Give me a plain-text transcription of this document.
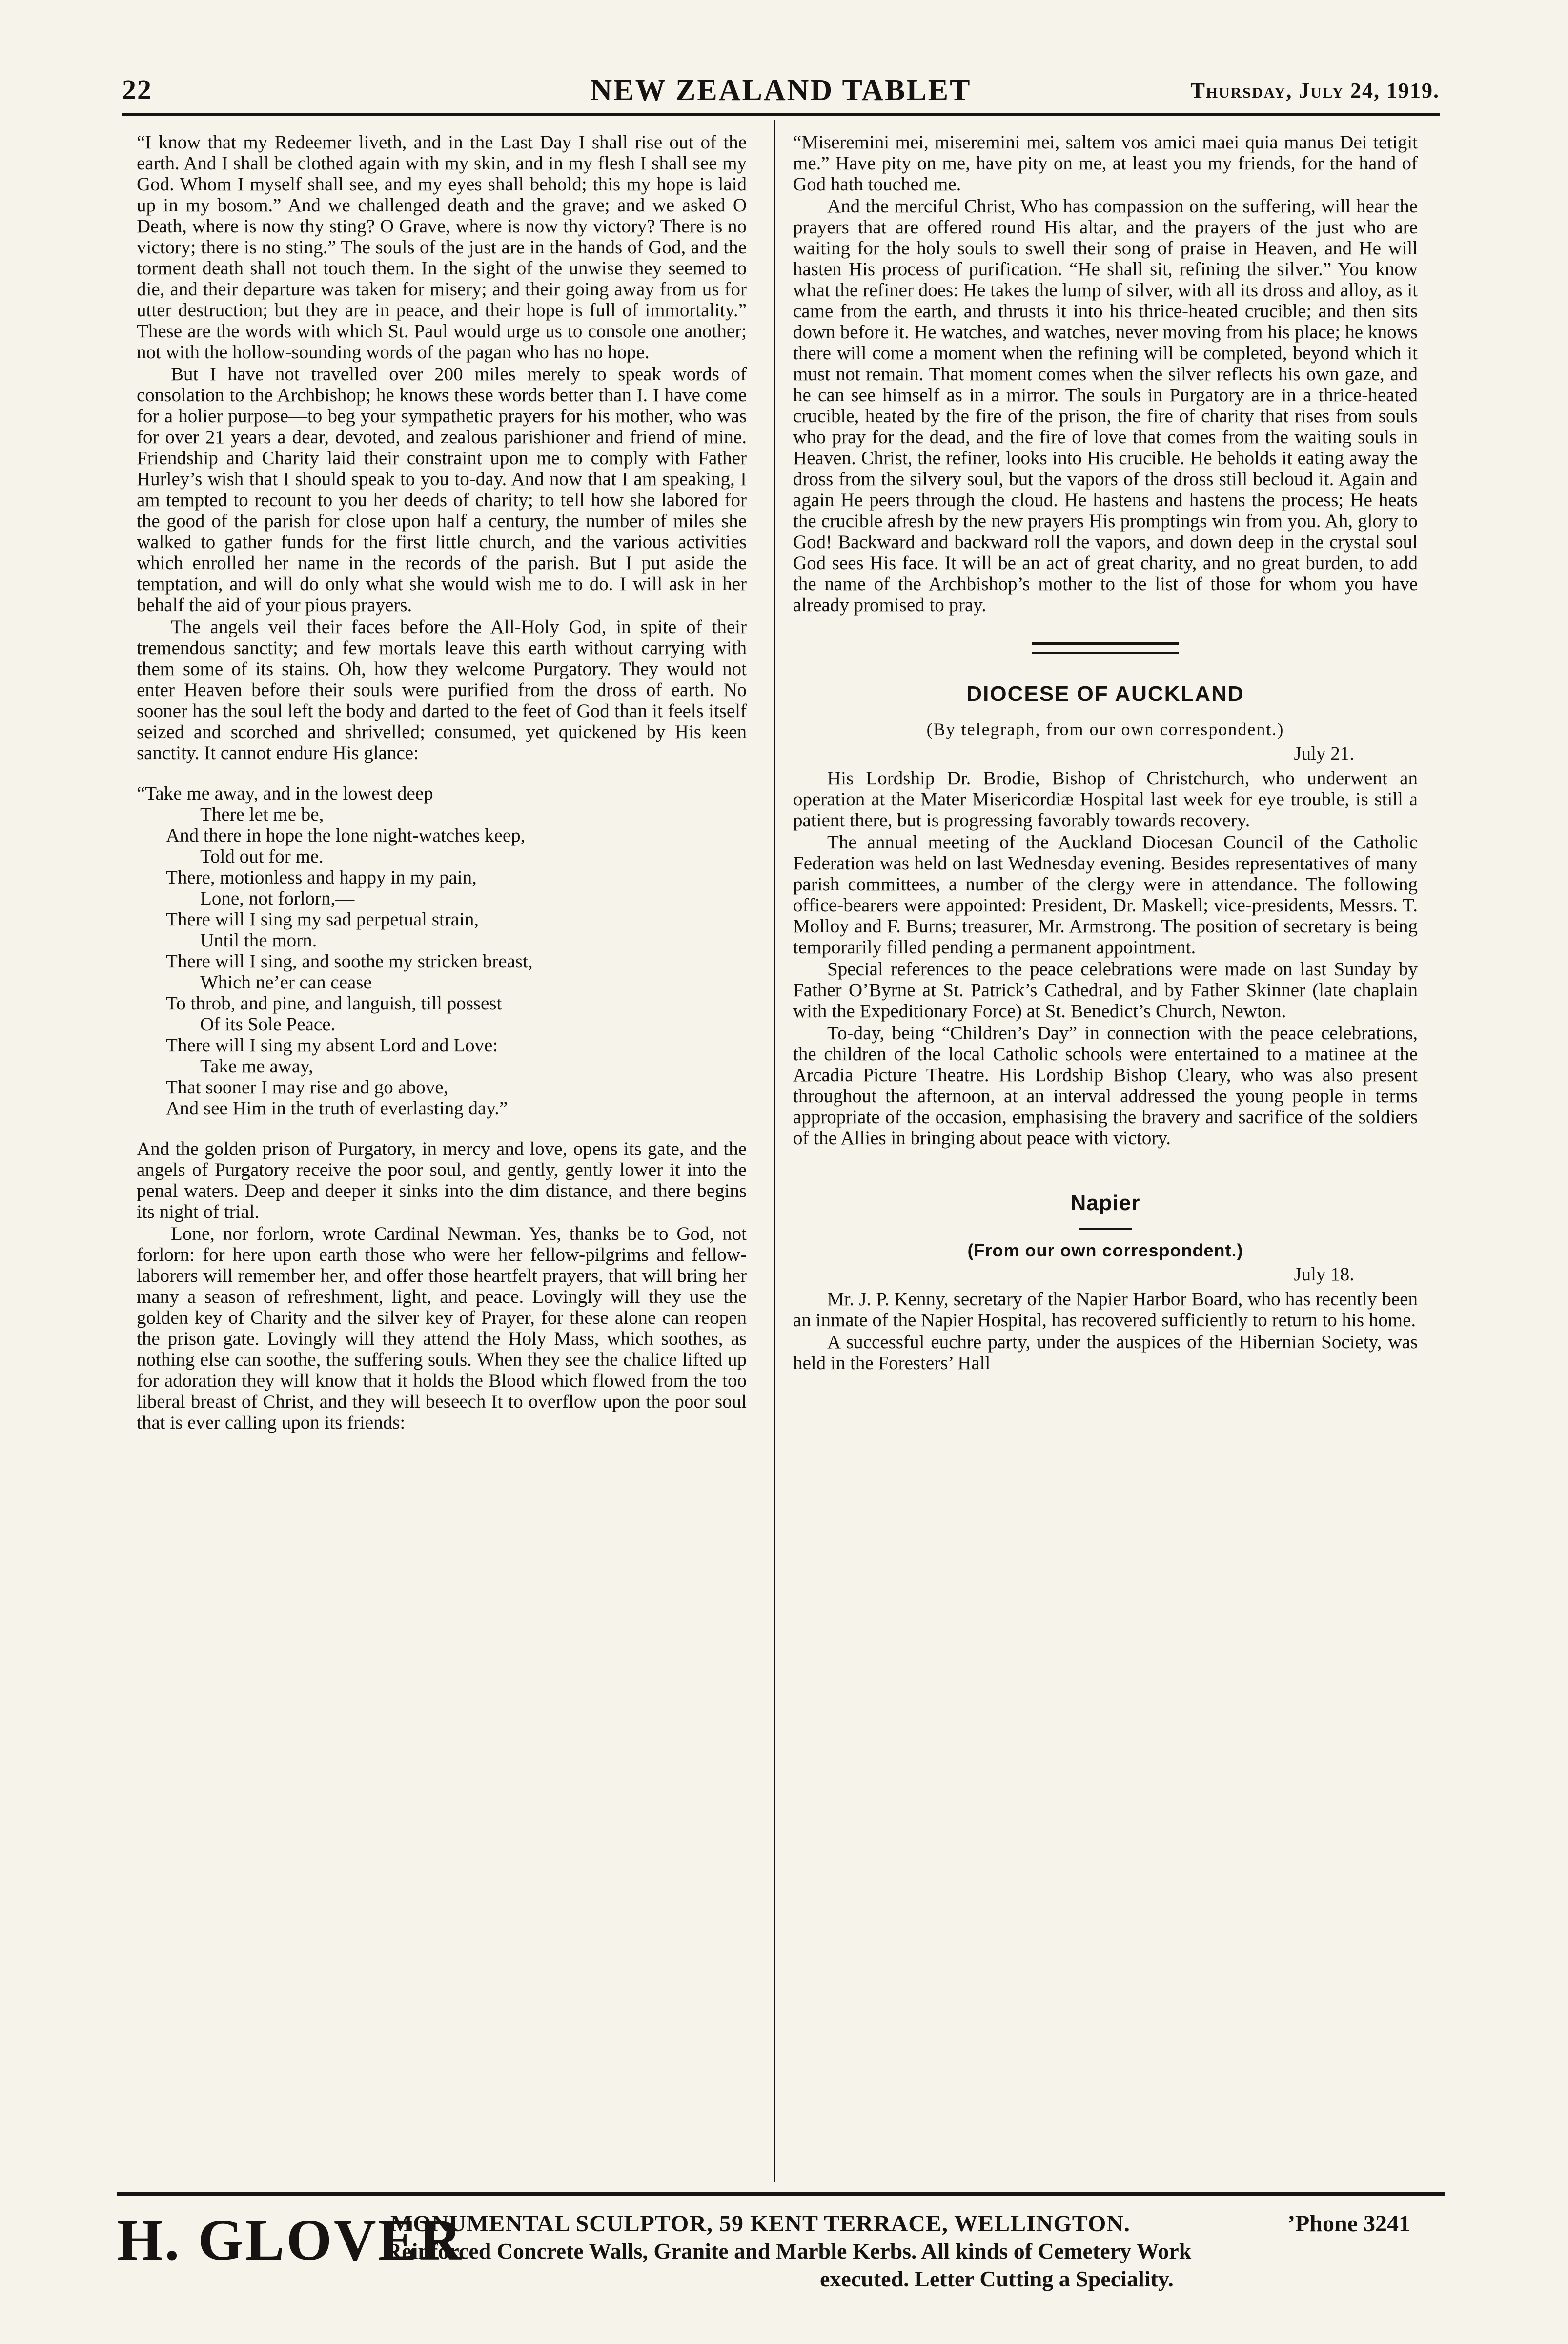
22	NEW ZEALAND TABLET	Thursday, July 24, 1919.

“I know that my Redeemer liveth, and in the Last Day I shall rise out of the earth. And I shall be clothed again with my skin, and in my flesh I shall see my God. Whom I myself shall see, and my eyes shall behold; this my hope is laid up in my bosom.” And we challenged death and the grave; and we asked O Death, where is now thy sting? O Grave, where is now thy victory? There is no victory; there is no sting.” The souls of the just are in the hands of God, and the torment death shall not touch them. In the sight of the unwise they seemed to die, and their departure was taken for misery; and their going away from us for utter destruction; but they are in peace, and their hope is full of immortality.” These are the words with which St. Paul would urge us to console one another; not with the hollow-sounding words of the pagan who has no hope.

But I have not travelled over 200 miles merely to speak words of consolation to the Archbishop; he knows these words better than I. I have come for a holier purpose—to beg your sympathetic prayers for his mother, who was for over 21 years a dear, devoted, and zealous parishioner and friend of mine. Friendship and Charity laid their constraint upon me to comply with Father Hurley’s wish that I should speak to you to-day. And now that I am speaking, I am tempted to recount to you her deeds of charity; to tell how she labored for the good of the parish for close upon half a century, the number of miles she walked to gather funds for the first little church, and the various activities which enrolled her name in the records of the parish. But I put aside the temptation, and will do only what she would wish me to do. I will ask in her behalf the aid of your pious prayers.

The angels veil their faces before the All-Holy God, in spite of their tremendous sanctity; and few mortals leave this earth without carrying with them some of its stains. Oh, how they welcome Purgatory. They would not enter Heaven before their souls were purified from the dross of earth. No sooner has the soul left the body and darted to the feet of God than it feels itself seized and scorched and shrivelled; consumed, yet quickened by His keen sanctity. It cannot endure His glance:

“Take me away, and in the lowest deep
There let me be,
And there in hope the lone night-watches keep,
Told out for me.
There, motionless and happy in my pain,
Lone, not forlorn,—
There will I sing my sad perpetual strain,
Until the morn.
There will I sing, and soothe my stricken breast,
Which ne’er can cease
To throb, and pine, and languish, till possest
Of its Sole Peace.
There will I sing my absent Lord and Love:
Take me away,
That sooner I may rise and go above,
And see Him in the truth of everlasting day.”

And the golden prison of Purgatory, in mercy and love, opens its gate, and the angels of Purgatory receive the poor soul, and gently, gently lower it into the penal waters. Deep and deeper it sinks into the dim distance, and there begins its night of trial.

Lone, nor forlorn, wrote Cardinal Newman. Yes, thanks be to God, not forlorn: for here upon earth those who were her fellow-pilgrims and fellow-laborers will remember her, and offer those heartfelt prayers, that will bring her many a season of refreshment, light, and peace. Lovingly will they use the golden key of Charity and the silver key of Prayer, for these alone can reopen the prison gate. Lovingly will they attend the Holy Mass, which soothes, as nothing else can soothe, the suffering souls. When they see the chalice lifted up for adoration they will know that it holds the Blood which flowed from the too liberal breast of Christ, and they will beseech It to overflow upon the poor soul that is ever calling upon its friends:

“Miseremini mei, miseremini mei, saltem vos amici maei quia manus Dei tetigit me.” Have pity on me, have pity on me, at least you my friends, for the hand of God hath touched me.

And the merciful Christ, Who has compassion on the suffering, will hear the prayers that are offered round His altar, and the prayers of the just who are waiting for the holy souls to swell their song of praise in Heaven, and He will hasten His process of purification. “He shall sit, refining the silver.” You know what the refiner does: He takes the lump of silver, with all its dross and alloy, as it came from the earth, and thrusts it into his thrice-heated crucible; and then sits down before it. He watches, and watches, never moving from his place; he knows there will come a moment when the refining will be completed, beyond which it must not remain. That moment comes when the silver reflects his own gaze, and he can see himself as in a mirror. The souls in Purgatory are in a thrice-heated crucible, heated by the fire of the prison, the fire of charity that rises from souls who pray for the dead, and the fire of love that comes from the waiting souls in Heaven. Christ, the refiner, looks into His crucible. He beholds it eating away the dross from the silvery soul, but the vapors of the dross still becloud it. Again and again He peers through the cloud. He hastens and hastens the process; He heats the crucible afresh by the new prayers His promptings win from you. Ah, glory to God! Backward and backward roll the vapors, and down deep in the crystal soul God sees His face. It will be an act of great charity, and no great burden, to add the name of the Archbishop’s mother to the list of those for whom you have already promised to pray.

DIOCESE OF AUCKLAND
(By telegraph, from our own correspondent.)
July 21.

His Lordship Dr. Brodie, Bishop of Christchurch, who underwent an operation at the Mater Misericordiæ Hospital last week for eye trouble, is still a patient there, but is progressing favorably towards recovery.

The annual meeting of the Auckland Diocesan Council of the Catholic Federation was held on last Wednesday evening. Besides representatives of many parish committees, a number of the clergy were in attendance. The following office-bearers were appointed: President, Dr. Maskell; vice-presidents, Messrs. T. Molloy and F. Burns; treasurer, Mr. Armstrong. The position of secretary is being temporarily filled pending a permanent appointment.

Special references to the peace celebrations were made on last Sunday by Father O’Byrne at St. Patrick’s Cathedral, and by Father Skinner (late chaplain with the Expeditionary Force) at St. Benedict’s Church, Newton.

To-day, being “Children’s Day” in connection with the peace celebrations, the children of the local Catholic schools were entertained to a matinee at the Arcadia Picture Theatre. His Lordship Bishop Cleary, who was also present throughout the afternoon, at an interval addressed the young people in terms appropriate of the occasion, emphasising the bravery and sacrifice of the soldiers of the Allies in bringing about peace with victory.

Napier
(From our own correspondent.)
July 18.

Mr. J. P. Kenny, secretary of the Napier Harbor Board, who has recently been an inmate of the Napier Hospital, has recovered sufficiently to return to his home.

A successful euchre party, under the auspices of the Hibernian Society, was held in the Foresters’ Hall

H. GLOVER
MONUMENTAL SCULPTOR, 59 KENT TERRACE, WELLINGTON.	’Phone 3241
Reinforced Concrete Walls, Granite and Marble Kerbs. All kinds of Cemetery Work
executed. Letter Cutting a Speciality.
